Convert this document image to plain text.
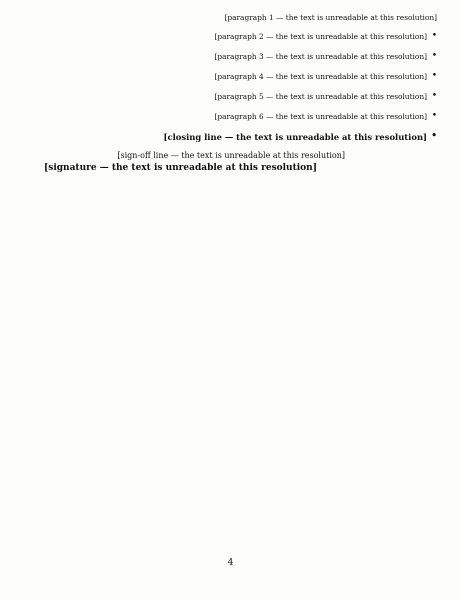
[paragraph 1 — the text is unreadable at this resolution]

• [paragraph 2 — the text is unreadable at this resolution]

• [paragraph 3 — the text is unreadable at this resolution]

• [paragraph 4 — the text is unreadable at this resolution]

• [paragraph 5 — the text is unreadable at this resolution]

• [paragraph 6 — the text is unreadable at this resolution]

• [closing line — the text is unreadable at this resolution]

[sign-off line — the text is unreadable at this resolution]
[signature — the text is unreadable at this resolution]
4
